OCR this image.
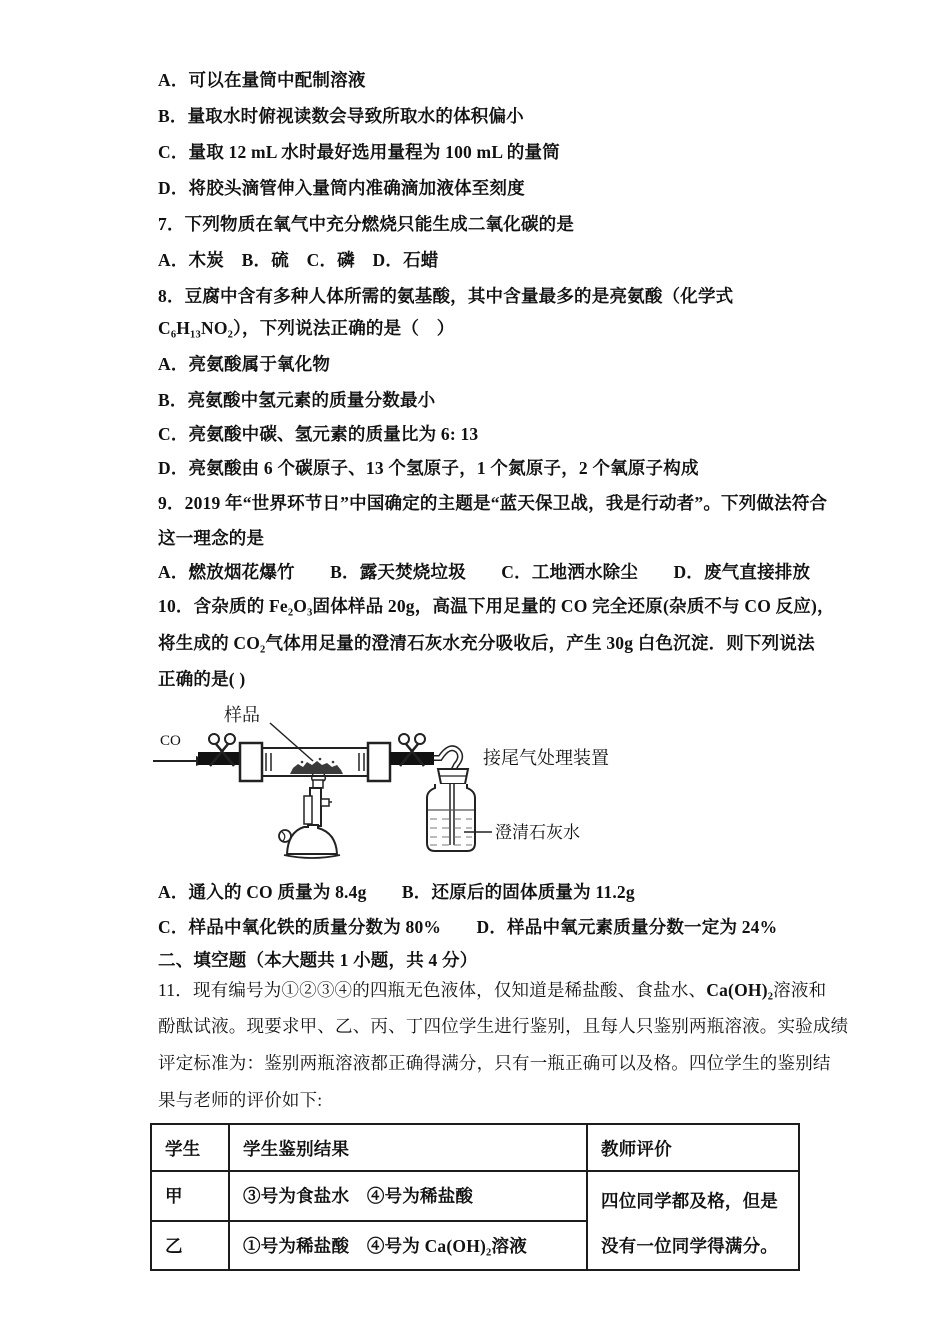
A．可以在量筒中配制溶液
B．量取水时俯视读数会导致所取水的体积偏小
C．量取 12 mL 水时最好选用量程为 100 mL 的量筒
D．将胶头滴管伸入量筒内准确滴加液体至刻度
7．下列物质在氧气中充分燃烧只能生成二氧化碳的是
A．木炭　B．硫　C．磷　D．石蜡
8．豆腐中含有多种人体所需的氨基酸，其中含量最多的是亮氨酸（化学式
C₆H₁₃NO₂），下列说法正确的是（　）
A．亮氨酸属于氧化物
B．亮氨酸中氢元素的质量分数最小
C．亮氨酸中碳、氢元素的质量比为 6: 13
D．亮氨酸由 6 个碳原子、13 个氢原子，1 个氮原子，2 个氧原子构成
9．2019 年“世界环节日”中国确定的主题是“蓝天保卫战，我是行动者”。下列做法符合
这一理念的是
A．燃放烟花爆竹　　B．露天焚烧垃圾　　C．工地洒水除尘　　D．废气直接排放
10．含杂质的 Fe₂O₃固体样品 20g，高温下用足量的 CO 完全还原(杂质不与 CO 反应)，
将生成的 CO₂气体用足量的澄清石灰水充分吸收后，产生 30g 白色沉淀．则下列说法
正确的是( )
CO
样品
澄清石灰水
接尾气处理装置
A．通入的 CO 质量为 8.4g　　B．还原后的固体质量为 11.2g
C．样品中氧化铁的质量分数为 80%　　D．样品中氧元素质量分数一定为 24%
二、填空题（本大题共 1 小题，共 4 分）
11．现有编号为①②③④的四瓶无色液体，仅知道是稀盐酸、食盐水、Ca(OH)₂溶液和
酚酞试液。现要求甲、乙、丙、丁四位学生进行鉴别，且每人只鉴别两瓶溶液。实验成绩
评定标准为：鉴别两瓶溶液都正确得满分，只有一瓶正确可以及格。四位学生的鉴别结
果与老师的评价如下:
学生	学生鉴别结果	教师评价
甲	③号为食盐水　④号为稀盐酸	四位同学都及格，但是没有一位同学得满分。
乙	①号为稀盐酸　④号为 Ca(OH)₂溶液	
